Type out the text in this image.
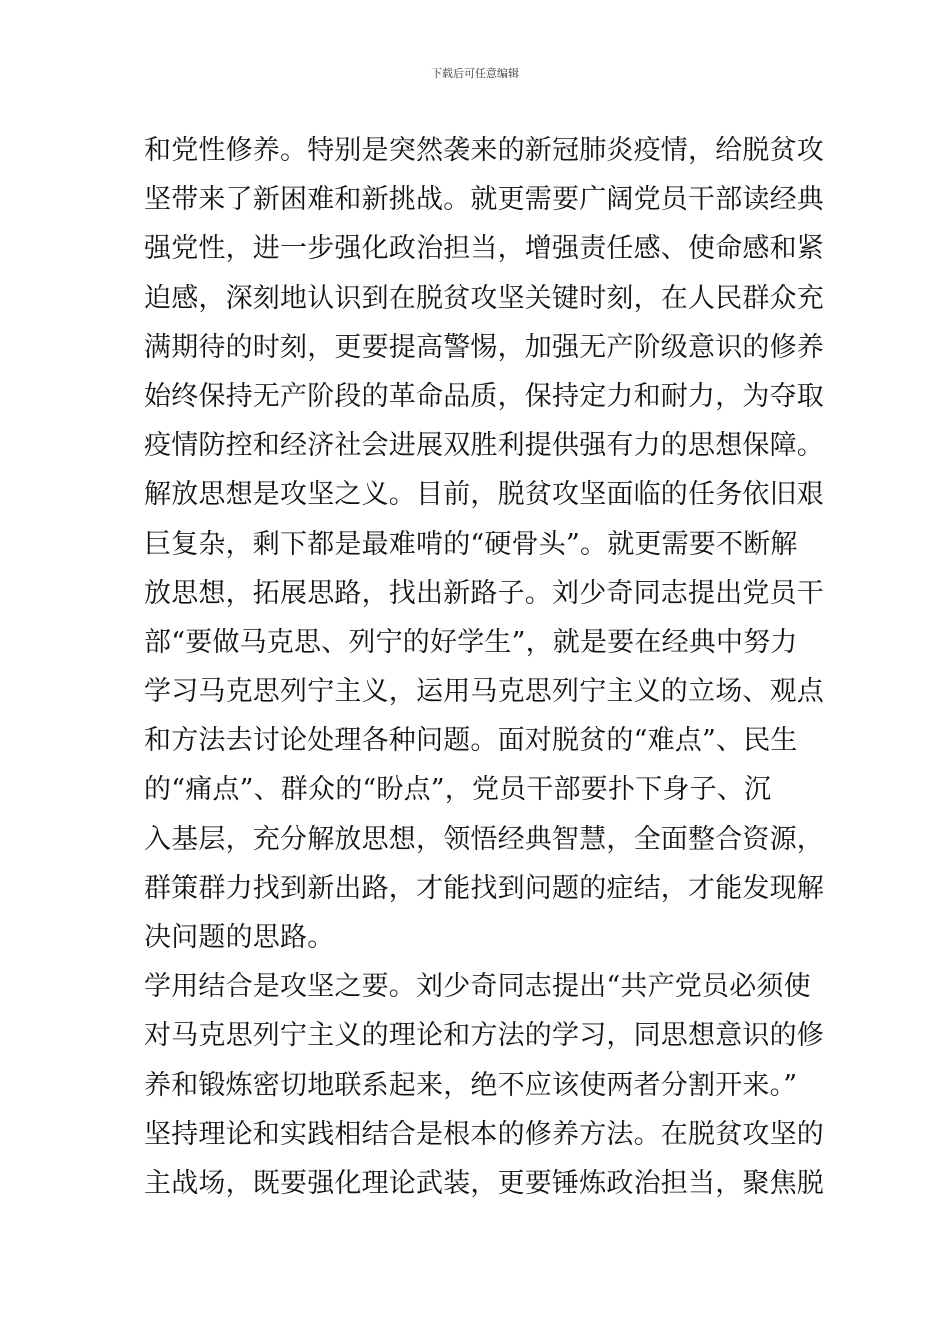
下载后可任意编辑
和党性修养。特别是突然袭来的新冠肺炎疫情，给脱贫攻
坚带来了新困难和新挑战。就更需要广阔党员干部读经典
强党性，进一步强化政治担当，增强责任感、使命感和紧
迫感，深刻地认识到在脱贫攻坚关键时刻，在人民群众充
满期待的时刻，更要提高警惕，加强无产阶级意识的修养
始终保持无产阶段的革命品质，保持定力和耐力，为夺取
疫情防控和经济社会进展双胜利提供强有力的思想保障。
解放思想是攻坚之义。目前，脱贫攻坚面临的任务依旧艰
巨复杂，剩下都是最难啃的“硬骨头”。就更需要不断解
放思想，拓展思路，找出新路子。刘少奇同志提出党员干
部“要做马克思、列宁的好学生”，就是要在经典中努力
学习马克思列宁主义，运用马克思列宁主义的立场、观点
和方法去讨论处理各种问题。面对脱贫的“难点”、民生
的“痛点”、群众的“盼点”，党员干部要扑下身子、沉
入基层，充分解放思想，领悟经典智慧，全面整合资源，
群策群力找到新出路，才能找到问题的症结，才能发现解
决问题的思路。
学用结合是攻坚之要。刘少奇同志提出“共产党员必须使
对马克思列宁主义的理论和方法的学习，同思想意识的修
养和锻炼密切地联系起来，绝不应该使两者分割开来。”
坚持理论和实践相结合是根本的修养方法。在脱贫攻坚的
主战场，既要强化理论武装，更要锤炼政治担当，聚焦脱
